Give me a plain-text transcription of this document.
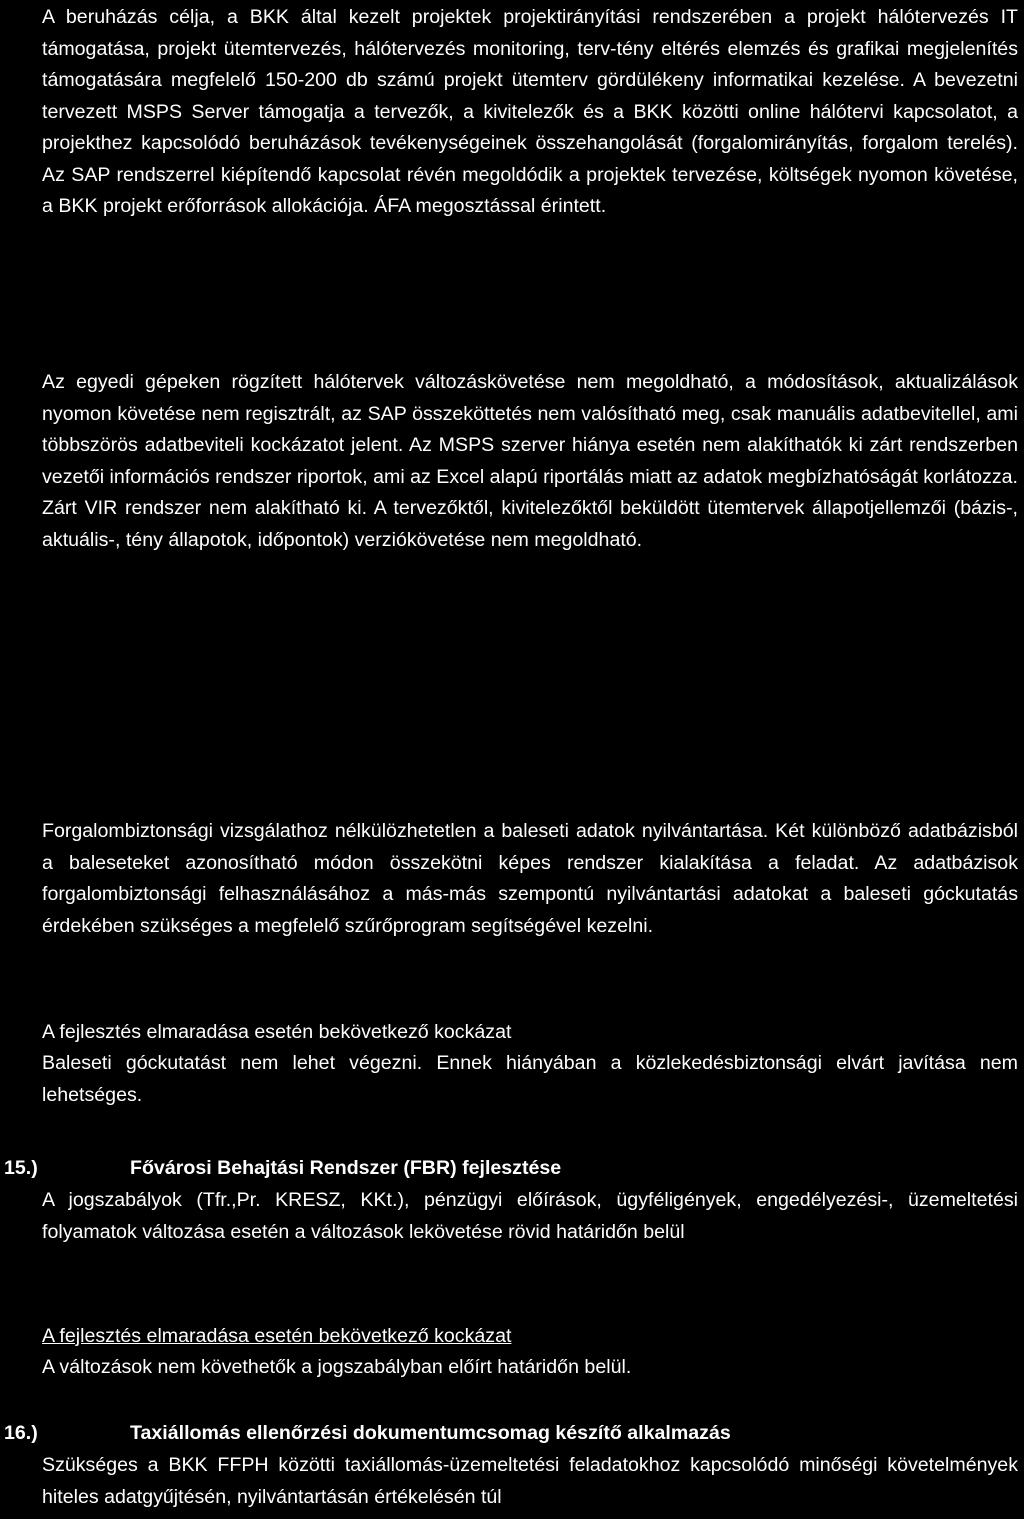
A beruházás célja, a BKK által kezelt projektek projektirányítási rendszerében a projekt hálótervezés IT támogatása, projekt ütemtervezés, hálótervezés monitoring, terv-tény eltérés elemzés és grafikai megjelenítés támogatására megfelelő 150-200 db számú projekt ütemterv gördülékeny informatikai kezelése. A bevezetni tervezett MSPS Server támogatja a tervezők, a kivitelezők és a BKK közötti online hálótervi kapcsolatot, a projekthez kapcsolódó beruházások tevékenységeinek összehangolását (forgalomirányítás, forgalom terelés). Az SAP rendszerrel kiépítendő kapcsolat révén megoldódik a projektek tervezése, költségek nyomon követése, a BKK projekt erőforrások allokációja. ÁFA megosztással érintett.

Az egyedi gépeken rögzített hálótervek változáskövetése nem megoldható, a módosítások, aktualizálások nyomon követése nem regisztrált, az SAP összeköttetés nem valósítható meg, csak manuális adatbevitellel, ami többszörös adatbeviteli kockázatot jelent. Az MSPS szerver hiánya esetén nem alakíthatók ki zárt rendszerben vezetői információs rendszer riportok, ami az Excel alapú riportálás miatt az adatok megbízhatóságát korlátozza. Zárt VIR rendszer nem alakítható ki. A tervezőktől, kivitelezőktől beküldött ütemtervek állapotjellemzői (bázis-, aktuális-, tény állapotok, időpontok) verziókövetése nem megoldható.

Forgalombiztonsági vizsgálathoz nélkülözhetetlen a baleseti adatok nyilvántartása. Két különböző adatbázisból a baleseteket azonosítható módon összekötni képes rendszer kialakítása a feladat. Az adatbázisok forgalombiztonsági felhasználásához a más-más szempontú nyilvántartási adatokat a baleseti góckutatás érdekében szükséges a megfelelő szűrőprogram segítségével kezelni.

A fejlesztés elmaradása esetén bekövetkező kockázat

Baleseti góckutatást nem lehet végezni. Ennek hiányában a közlekedésbiztonsági elvárt javítása nem lehetséges.

15.)	Fővárosi Behajtási Rendszer (FBR) fejlesztése

A jogszabályok (Tfr.,Pr. KRESZ, KKt.), pénzügyi előírások, ügyféligények, engedélyezési-, üzemeltetési folyamatok változása esetén a változások lekövetése rövid határidőn belül

A fejlesztés elmaradása esetén bekövetkező kockázat

A változások nem követhetők a jogszabályban előírt határidőn belül.

16.)	Taxiállomás ellenőrzési dokumentumcsomag készítő alkalmazás

Szükséges a BKK FFPH közötti taxiállomás-üzemeltetési feladatokhoz kapcsolódó minőségi követelmények hiteles adatgyűjtésén, nyilvántartásán értékelésén túl
